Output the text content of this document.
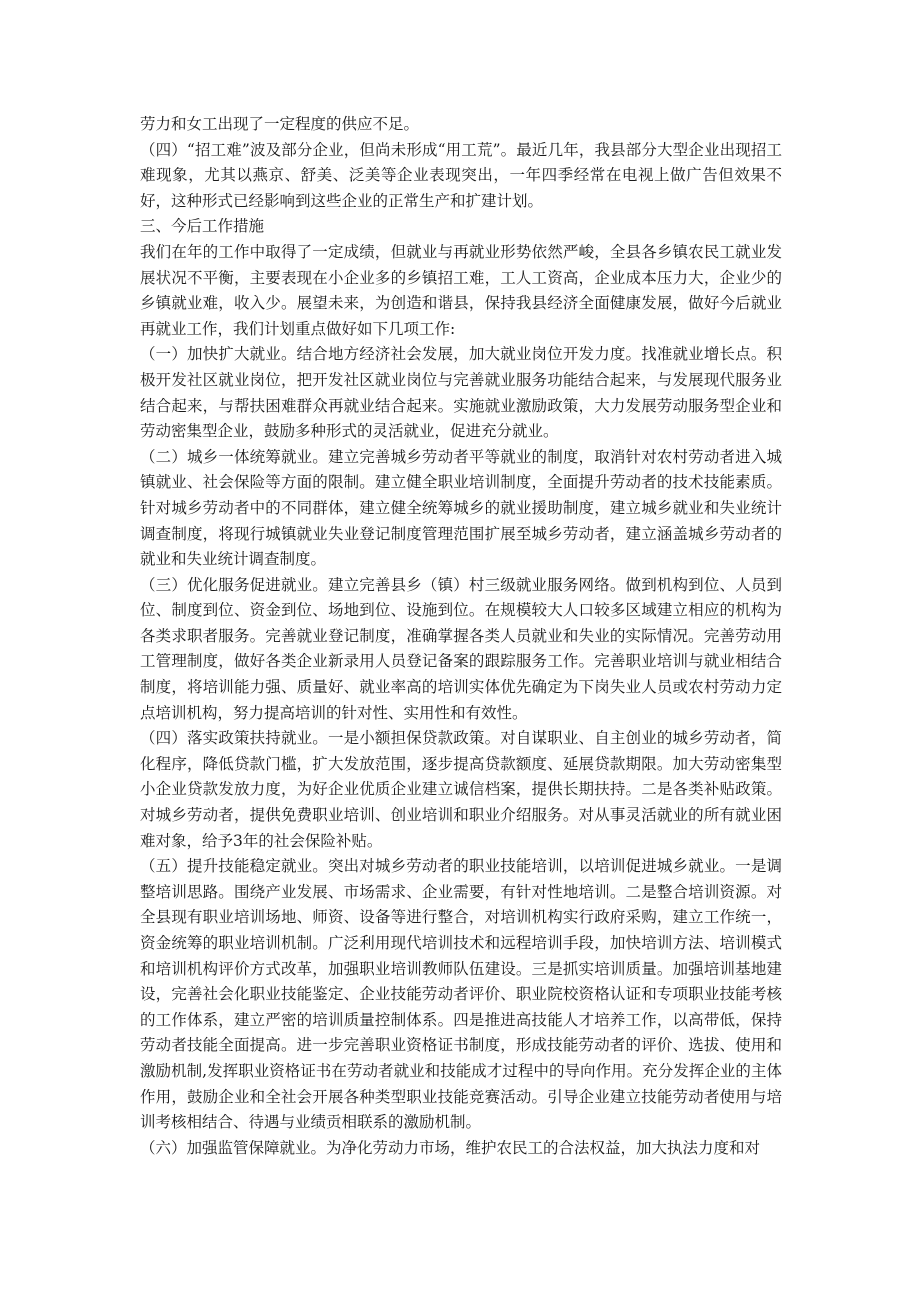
劳力和女工出现了一定程度的供应不足。

（四）“招工难”波及部分企业，但尚未形成“用工荒”。最近几年，我县部分大型企业出现招工难现象，尤其以燕京、舒美、泛美等企业表现突出，一年四季经常在电视上做广告但效果不好，这种形式已经影响到这些企业的正常生产和扩建计划。

三、今后工作措施

我们在年的工作中取得了一定成绩，但就业与再就业形势依然严峻，全县各乡镇农民工就业发展状况不平衡，主要表现在小企业多的乡镇招工难，工人工资高，企业成本压力大，企业少的乡镇就业难，收入少。展望未来，为创造和谐县，保持我县经济全面健康发展，做好今后就业再就业工作，我们计划重点做好如下几项工作:

（一）加快扩大就业。结合地方经济社会发展，加大就业岗位开发力度。找准就业增长点。积极开发社区就业岗位，把开发社区就业岗位与完善就业服务功能结合起来，与发展现代服务业结合起来，与帮扶困难群众再就业结合起来。实施就业激励政策，大力发展劳动服务型企业和劳动密集型企业，鼓励多种形式的灵活就业，促进充分就业。

（二）城乡一体统筹就业。建立完善城乡劳动者平等就业的制度，取消针对农村劳动者进入城镇就业、社会保险等方面的限制。建立健全职业培训制度，全面提升劳动者的技术技能素质。针对城乡劳动者中的不同群体，建立健全统筹城乡的就业援助制度，建立城乡就业和失业统计调查制度，将现行城镇就业失业登记制度管理范围扩展至城乡劳动者，建立涵盖城乡劳动者的就业和失业统计调查制度。

（三）优化服务促进就业。建立完善县乡（镇）村三级就业服务网络。做到机构到位、人员到位、制度到位、资金到位、场地到位、设施到位。在规模较大人口较多区域建立相应的机构为各类求职者服务。完善就业登记制度，准确掌握各类人员就业和失业的实际情况。完善劳动用工管理制度，做好各类企业新录用人员登记备案的跟踪服务工作。完善职业培训与就业相结合制度，将培训能力强、质量好、就业率高的培训实体优先确定为下岗失业人员或农村劳动力定点培训机构，努力提高培训的针对性、实用性和有效性。

（四）落实政策扶持就业。一是小额担保贷款政策。对自谋职业、自主创业的城乡劳动者，简化程序，降低贷款门槛，扩大发放范围，逐步提高贷款额度、延展贷款期限。加大劳动密集型小企业贷款发放力度，为好企业优质企业建立诚信档案，提供长期扶持。二是各类补贴政策。对城乡劳动者，提供免费职业培训、创业培训和职业介绍服务。对从事灵活就业的所有就业困难对象，给予3年的社会保险补贴。

（五）提升技能稳定就业。突出对城乡劳动者的职业技能培训，以培训促进城乡就业。一是调整培训思路。围绕产业发展、市场需求、企业需要，有针对性地培训。二是整合培训资源。对全县现有职业培训场地、师资、设备等进行整合，对培训机构实行政府采购，建立工作统一，资金统筹的职业培训机制。广泛利用现代培训技术和远程培训手段，加快培训方法、培训模式和培训机构评价方式改革，加强职业培训教师队伍建设。三是抓实培训质量。加强培训基地建设，完善社会化职业技能鉴定、企业技能劳动者评价、职业院校资格认证和专项职业技能考核的工作体系，建立严密的培训质量控制体系。四是推进高技能人才培养工作，以高带低，保持劳动者技能全面提高。进一步完善职业资格证书制度，形成技能劳动者的评价、选拔、使用和激励机制,发挥职业资格证书在劳动者就业和技能成才过程中的导向作用。充分发挥企业的主体作用，鼓励企业和全社会开展各种类型职业技能竞赛活动。引导企业建立技能劳动者使用与培训考核相结合、待遇与业绩贡相联系的激励机制。

（六）加强监管保障就业。为净化劳动力市场，维护农民工的合法权益，加大执法力度和对
